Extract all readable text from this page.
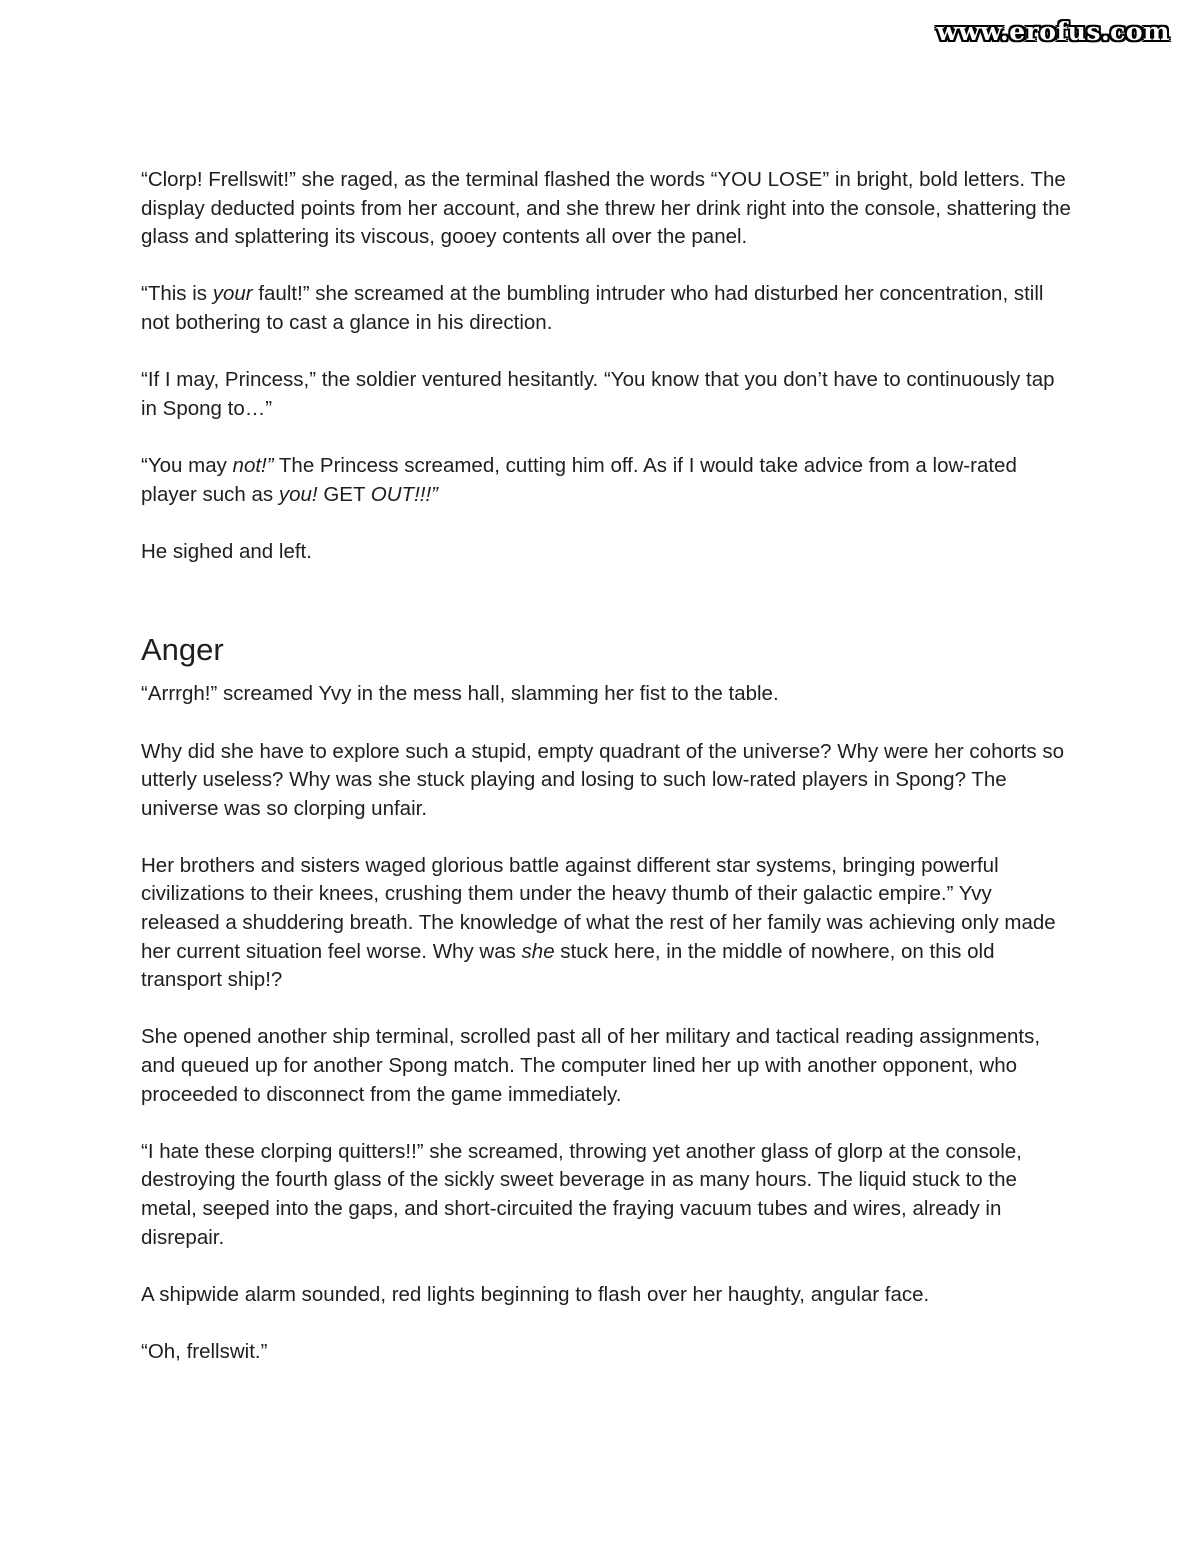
www.erofus.com

“Clorp! Frellswit!” she raged, as the terminal flashed the words “YOU LOSE” in bright, bold letters. The display deducted points from her account, and she threw her drink right into the console, shattering the glass and splattering its viscous, gooey contents all over the panel.

“This is your fault!” she screamed at the bumbling intruder who had disturbed her concentration, still not bothering to cast a glance in his direction.

“If I may, Princess,” the soldier ventured hesitantly. “You know that you don’t have to continuously tap in Spong to…”

“You may not!” The Princess screamed, cutting him off. As if I would take advice from a low-rated player such as you! GET OUT!!!”

He sighed and left.

Anger

“Arrrgh!” screamed Yvy in the mess hall, slamming her fist to the table.

Why did she have to explore such a stupid, empty quadrant of the universe? Why were her cohorts so utterly useless? Why was she stuck playing and losing to such low-rated players in Spong? The universe was so clorping unfair.

Her brothers and sisters waged glorious battle against different star systems, bringing powerful civilizations to their knees, crushing them under the heavy thumb of their galactic empire.” Yvy released a shuddering breath. The knowledge of what the rest of her family was achieving only made her current situation feel worse. Why was she stuck here, in the middle of nowhere, on this old transport ship!?

She opened another ship terminal, scrolled past all of her military and tactical reading assignments, and queued up for another Spong match. The computer lined her up with another opponent, who proceeded to disconnect from the game immediately.

“I hate these clorping quitters!!” she screamed, throwing yet another glass of glorp at the console, destroying the fourth glass of the sickly sweet beverage in as many hours. The liquid stuck to the metal, seeped into the gaps, and short-circuited the fraying vacuum tubes and wires, already in disrepair.

A shipwide alarm sounded, red lights beginning to flash over her haughty, angular face.

“Oh, frellswit.”
